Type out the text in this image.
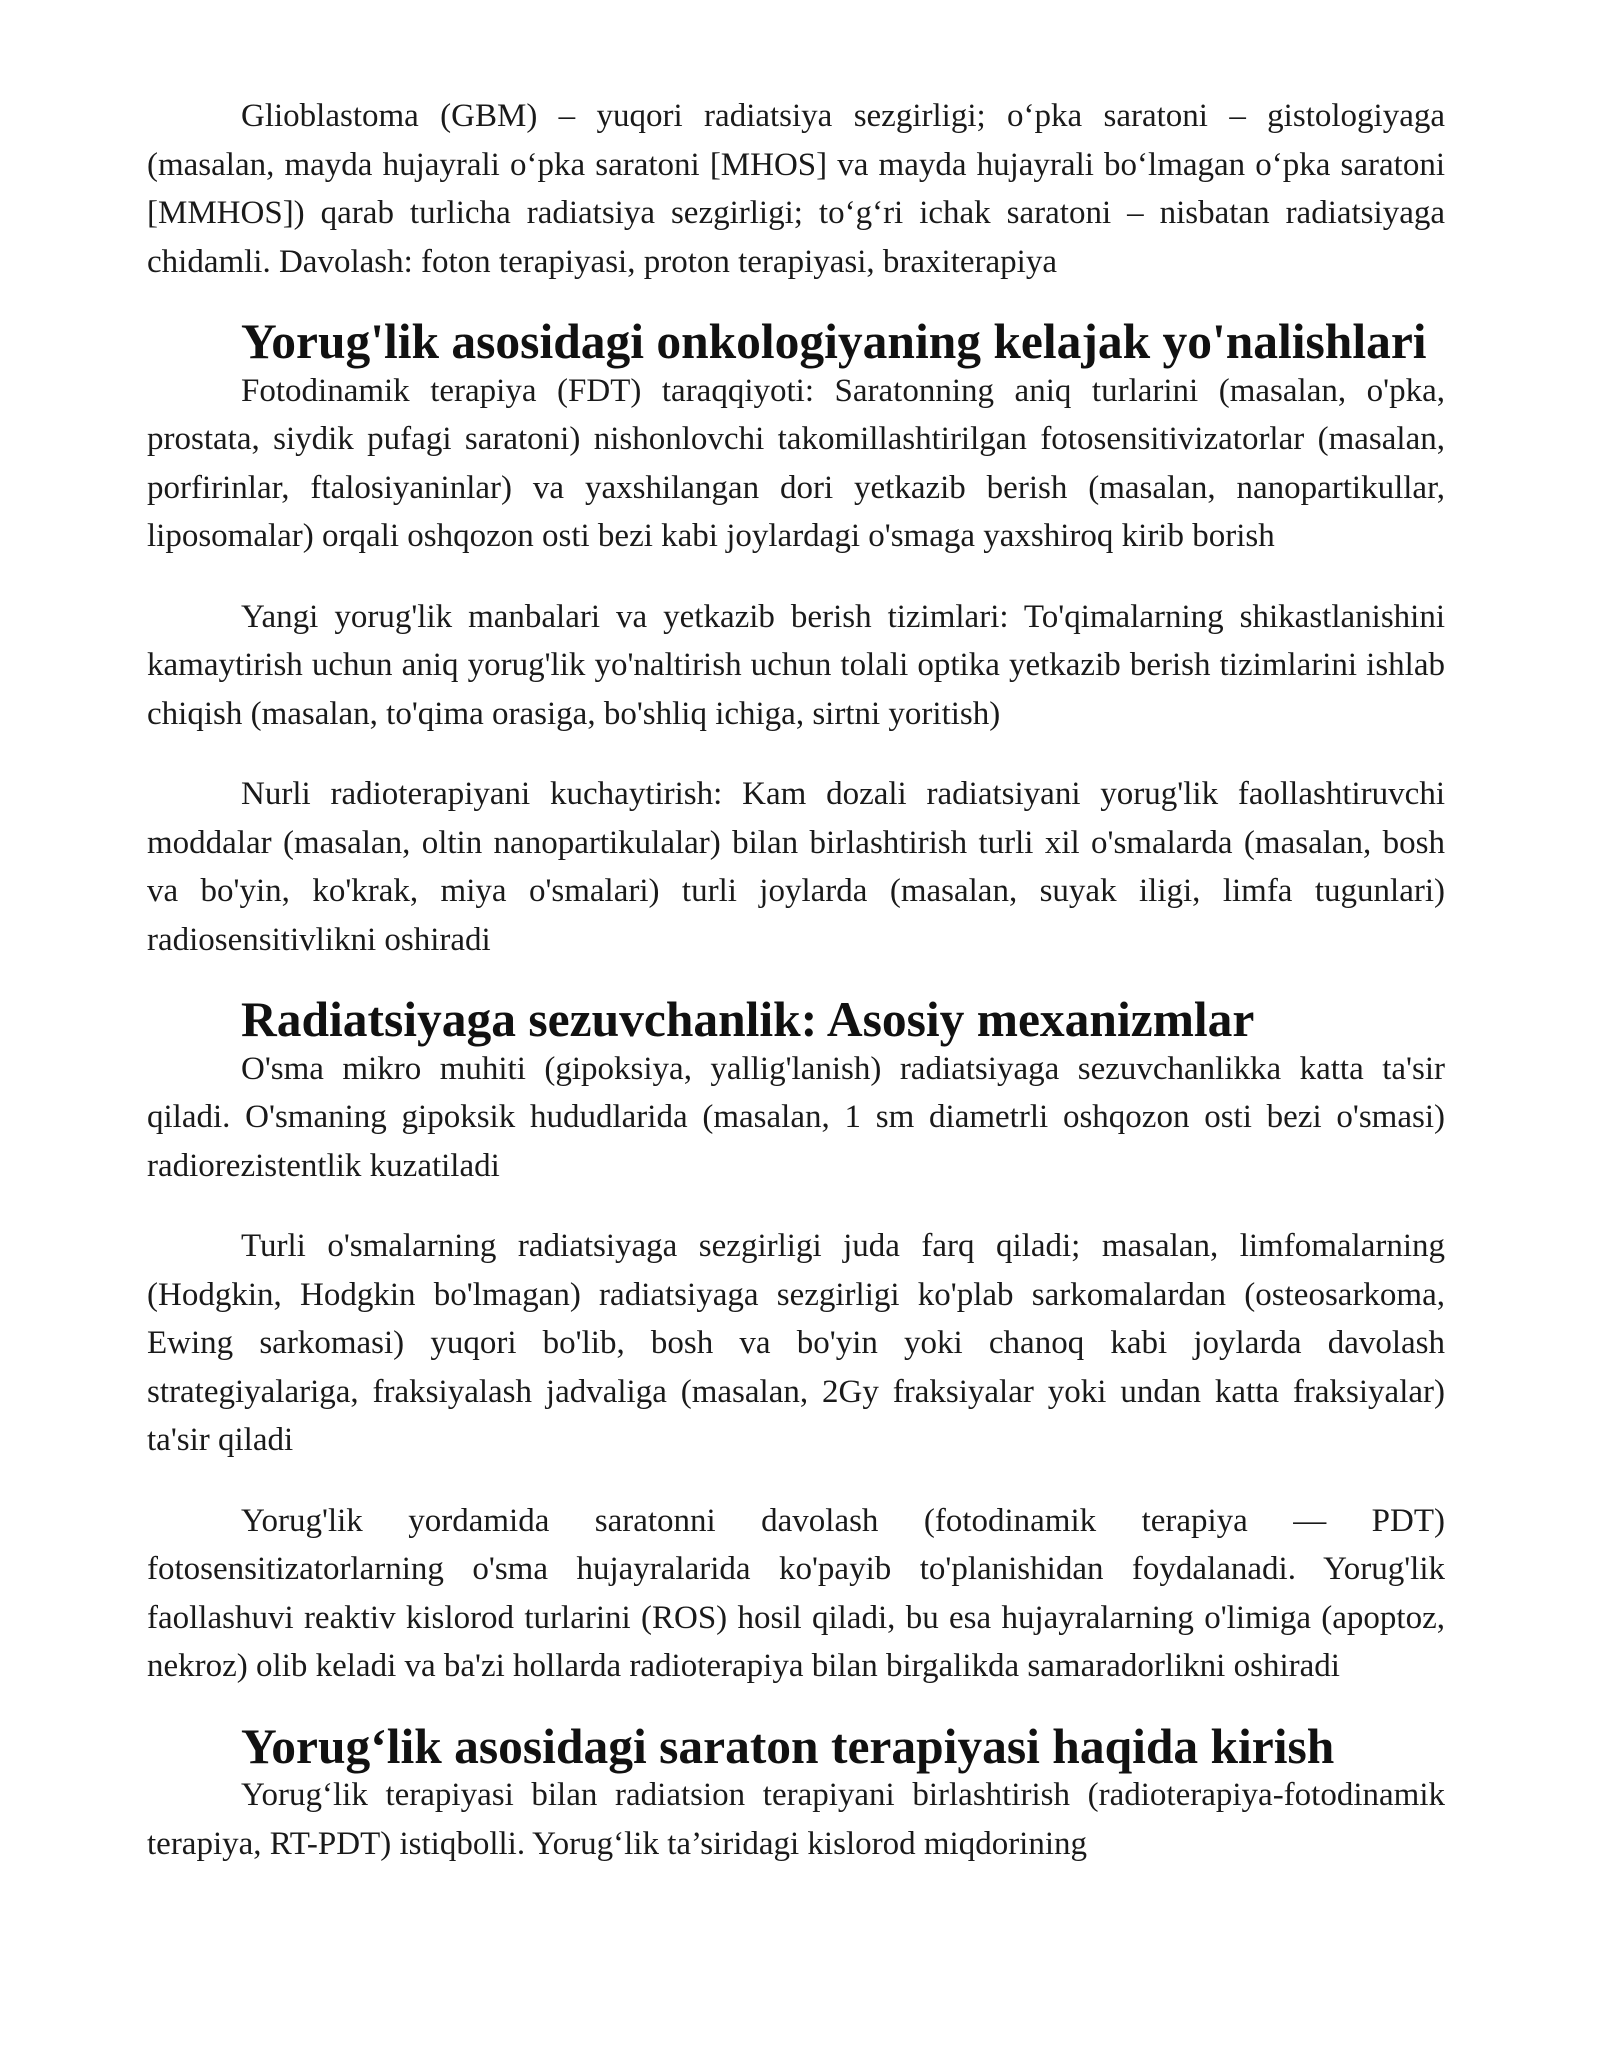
Glioblastoma (GBM) – yuqori radiatsiya sezgirligi; o‘pka saratoni – gistologiyaga (masalan, mayda hujayrali o‘pka saratoni [MHOS] va mayda hujayrali bo‘lmagan o‘pka saratoni [MMHOS]) qarab turlicha radiatsiya sezgirligi; to‘g‘ri ichak saratoni – nisbatan radiatsiyaga chidamli. Davolash: foton terapiyasi, proton terapiyasi, braxiterapiya

Yorug'lik asosidagi onkologiyaning kelajak yo'nalishlari

Fotodinamik terapiya (FDT) taraqqiyoti: Saratonning aniq turlarini (masalan, o'pka, prostata, siydik pufagi saratoni) nishonlovchi takomillashtirilgan fotosensitivizatorlar (masalan, porfirinlar, ftalosiyaninlar) va yaxshilangan dori yetkazib berish (masalan, nanopartikullar, liposomalar) orqali oshqozon osti bezi kabi joylardagi o'smaga yaxshiroq kirib borish

Yangi yorug'lik manbalari va yetkazib berish tizimlari: To'qimalarning shikastlanishini kamaytirish uchun aniq yorug'lik yo'naltirish uchun tolali optika yetkazib berish tizimlarini ishlab chiqish (masalan, to'qima orasiga, bo'shliq ichiga, sirtni yoritish)

Nurli radioterapiyani kuchaytirish: Kam dozali radiatsiyani yorug'lik faollashtiruvchi moddalar (masalan, oltin nanopartikulalar) bilan birlashtirish turli xil o'smalarda (masalan, bosh va bo'yin, ko'krak, miya o'smalari) turli joylarda (masalan, suyak iligi, limfa tugunlari) radiosensitivlikni oshiradi

Radiatsiyaga sezuvchanlik: Asosiy mexanizmlar

O'sma mikro muhiti (gipoksiya, yallig'lanish) radiatsiyaga sezuvchanlikka katta ta'sir qiladi. O'smaning gipoksik hududlarida (masalan, 1 sm diametrli oshqozon osti bezi o'smasi) radiorezistentlik kuzatiladi

Turli o'smalarning radiatsiyaga sezgirligi juda farq qiladi; masalan, limfomalarning (Hodgkin, Hodgkin bo'lmagan) radiatsiyaga sezgirligi ko'plab sarkomalardan (osteosarkoma, Ewing sarkomasi) yuqori bo'lib, bosh va bo'yin yoki chanoq kabi joylarda davolash strategiyalariga, fraksiyalash jadvaliga (masalan, 2Gy fraksiyalar yoki undan katta fraksiyalar) ta'sir qiladi

Yorug'lik yordamida saratonni davolash (fotodinamik terapiya — PDT) fotosensitizatorlarning o'sma hujayralarida ko'payib to'planishidan foydalanadi. Yorug'lik faollashuvi reaktiv kislorod turlarini (ROS) hosil qiladi, bu esa hujayralarning o'limiga (apoptoz, nekroz) olib keladi va ba'zi hollarda radioterapiya bilan birgalikda samaradorlikni oshiradi

Yorug‘lik asosidagi saraton terapiyasi haqida kirish

Yorug‘lik terapiyasi bilan radiatsion terapiyani birlashtirish (radioterapiya-fotodinamik terapiya, RT-PDT) istiqbolli. Yorug‘lik ta’siridagi kislorod miqdorining
